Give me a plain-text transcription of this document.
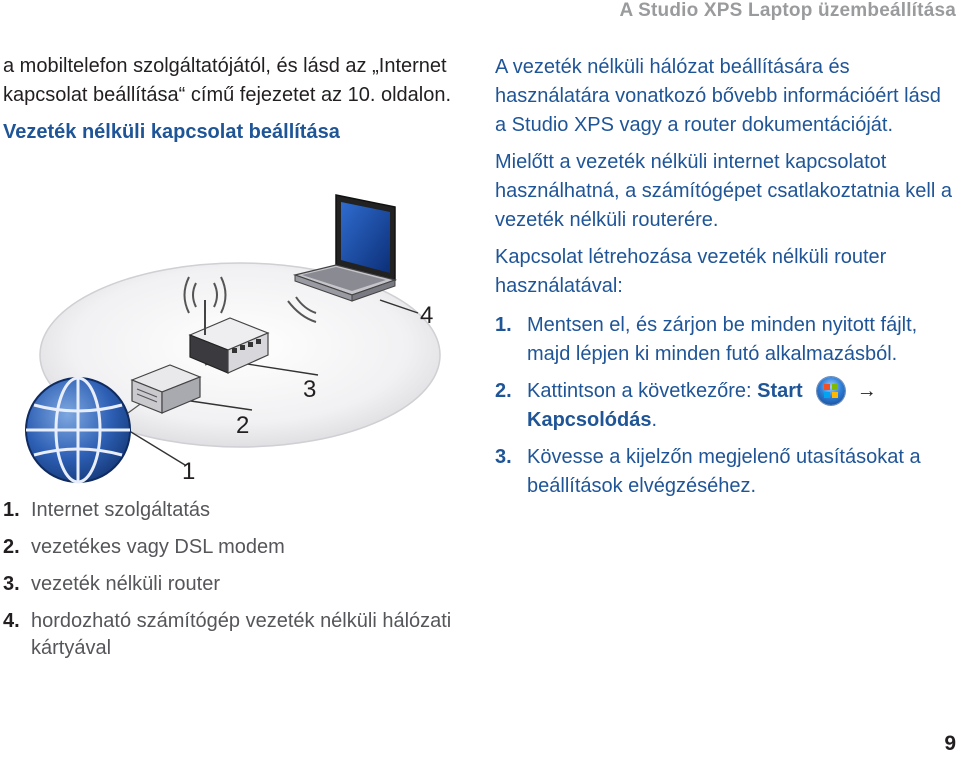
A Studio XPS Laptop üzembeállítása

a mobiltelefon szolgáltatójától, és lásd az „Internet kapcsolat beállítása“ című fejezetet az 10. oldalon.

Vezeték nélküli kapcsolat beállítása
1
2
3
4
1. Internet szolgáltatás
2. vezetékes vagy DSL modem
3. vezeték nélküli router
4. hordozható számítógép vezeték nélküli hálózati kártyával

A vezeték nélküli hálózat beállítására és használatára vonatkozó bővebb információért lásd a Studio XPS vagy a router dokumentációját.

Mielőtt a vezeték nélküli internet kapcsolatot használhatná, a számítógépet csatlakoztatnia kell a vezeték nélküli routerére.

Kapcsolat létrehozása vezeték nélküli router használatával:

1. Mentsen el, és zárjon be minden nyitott fájlt, majd lépjen ki minden futó alkalmazásból.
2. Kattintson a következőre: Start	→
Kapcsolódás.
3. Kövesse a kijelzőn megjelenő utasításokat a beállítások elvégzéséhez.
9
